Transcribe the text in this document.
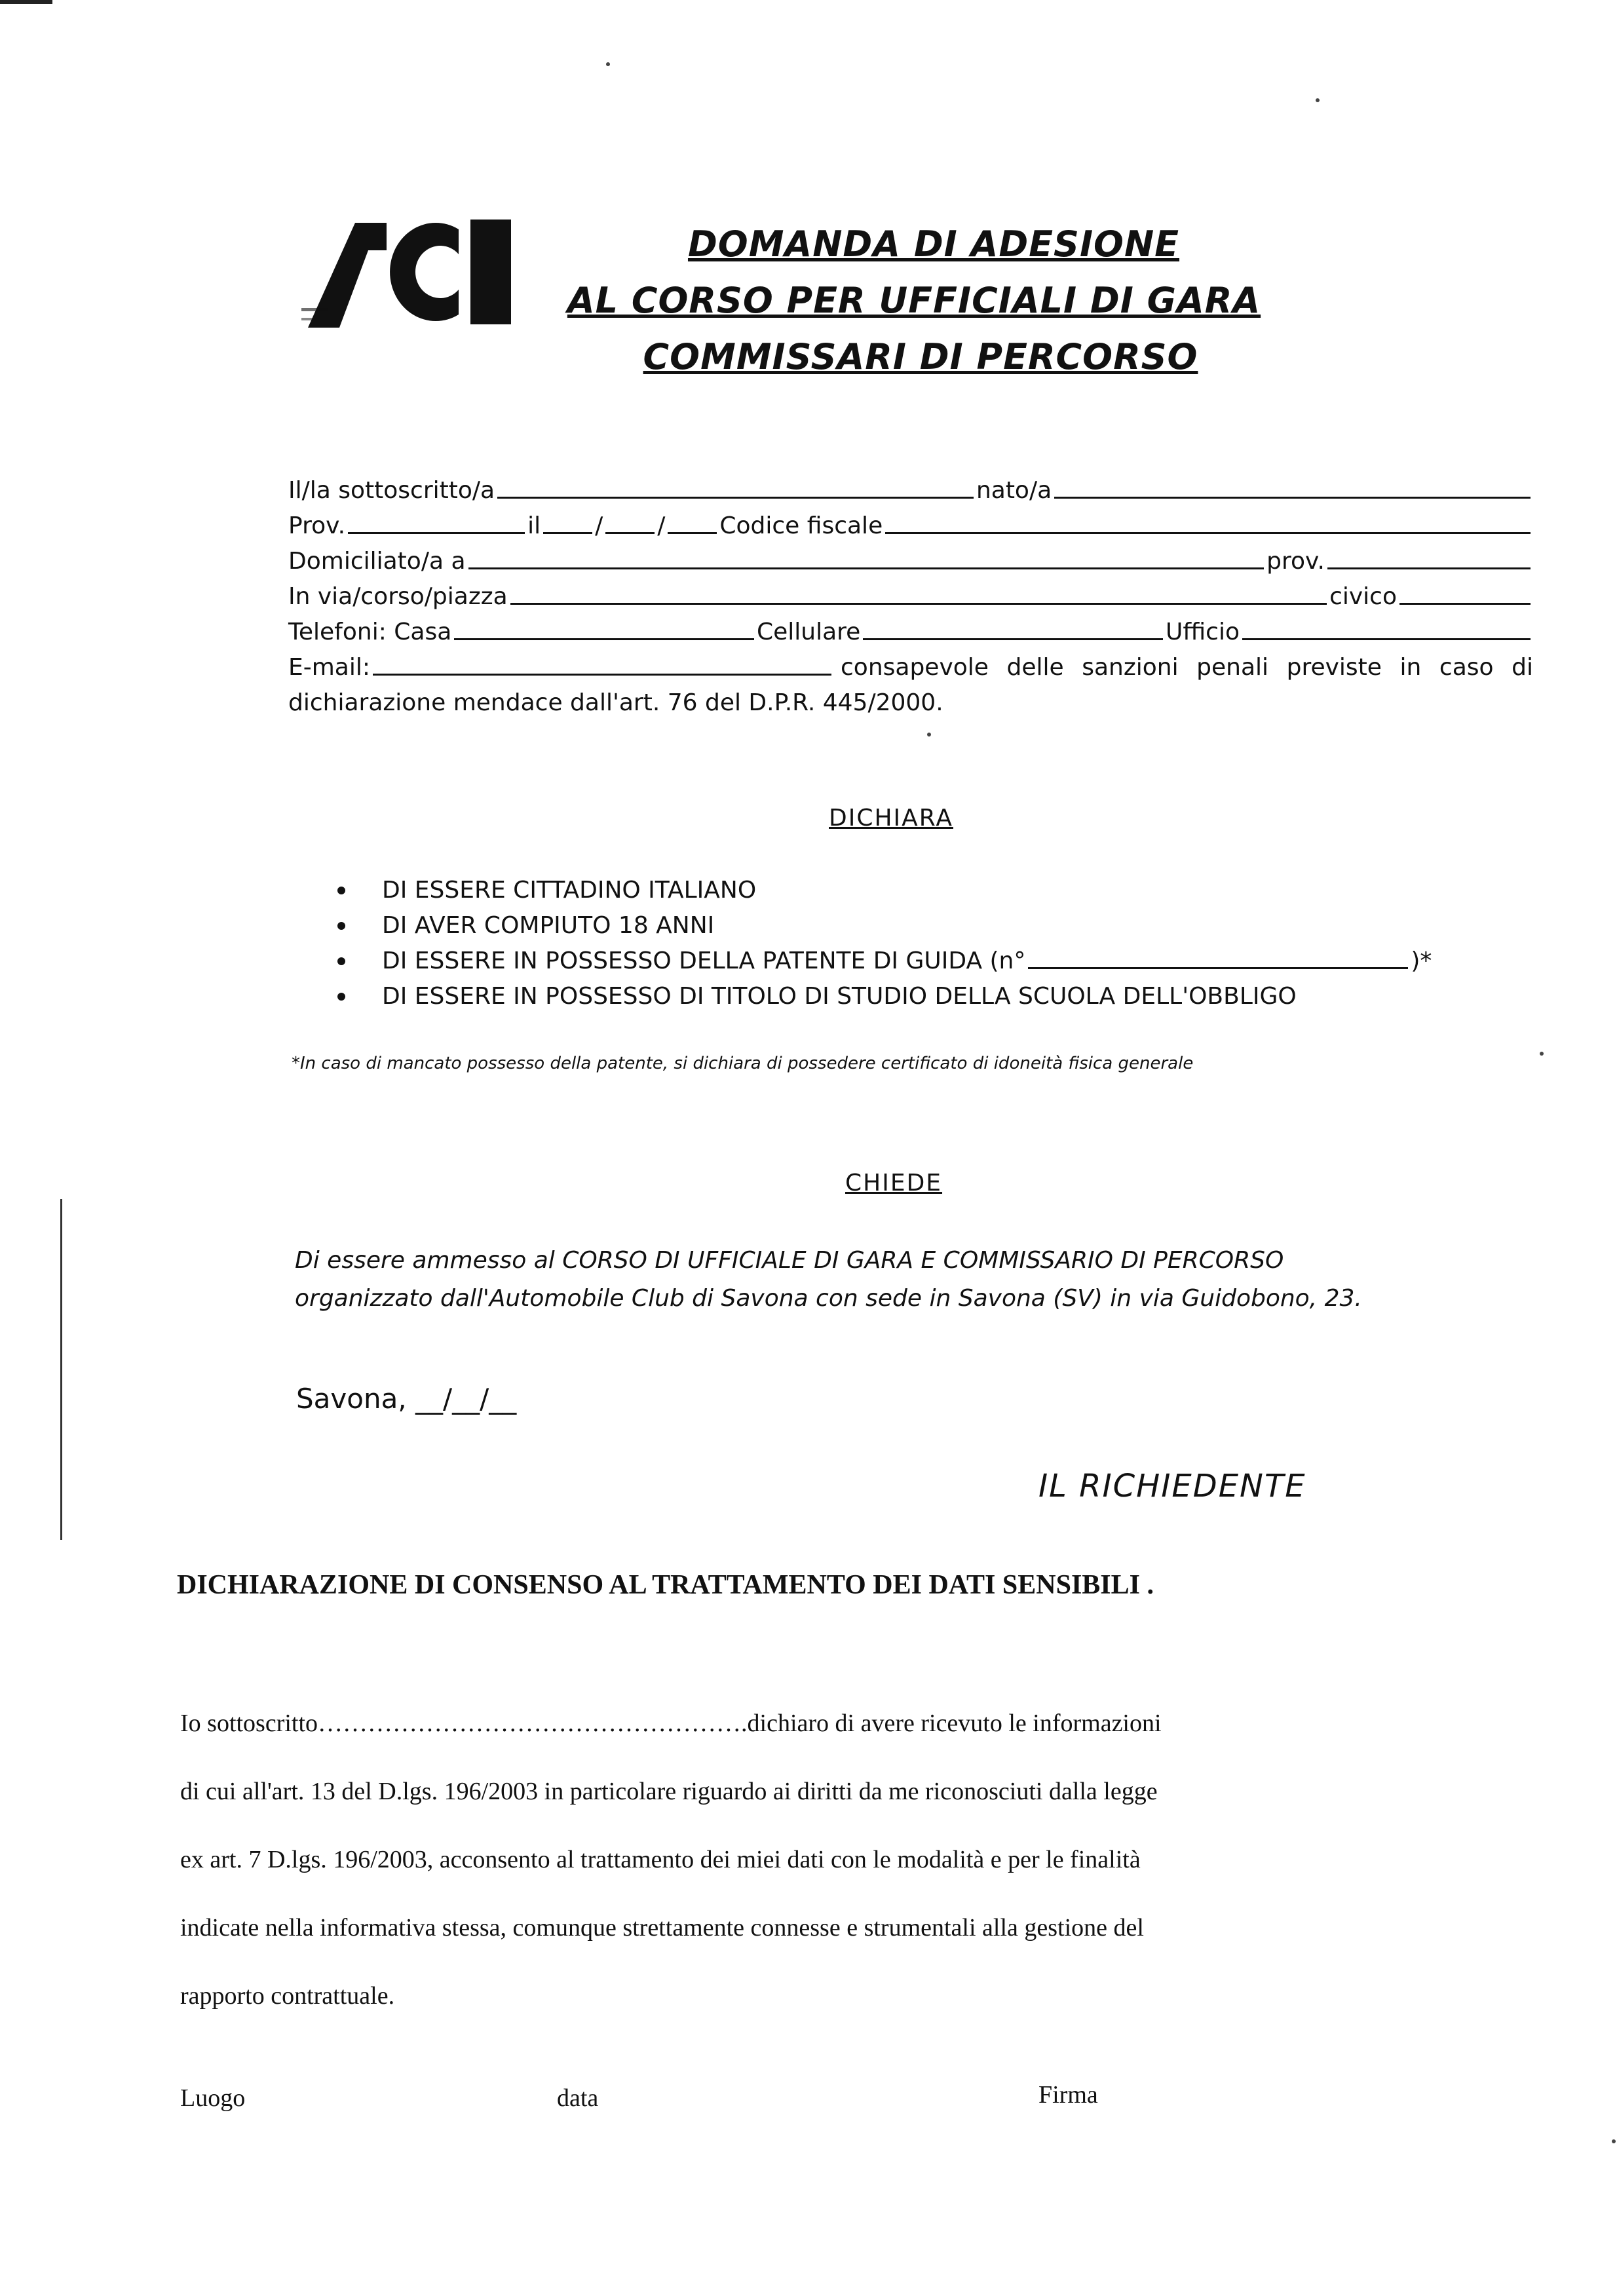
DOMANDA DI ADESIONE
AL CORSO PER UFFICIALI DI GARA
COMMISSARI DI PERCORSO
Il/la sottoscritto/a	nato/a
Prov.	il / / Codice fiscale
Domiciliato/a a	prov.
In via/corso/piazza	civico
Telefoni: Casa	Cellulare	Ufficio
E-mail:	consapevole delle sanzioni penali previste in caso di
dichiarazione mendace dall'art. 76 del D.P.R. 445/2000.
DICHIARA
DI ESSERE CITTADINO ITALIANO
DI AVER COMPIUTO 18 ANNI
DI ESSERE IN POSSESSO DELLA PATENTE DI GUIDA (n°	)*
DI ESSERE IN POSSESSO DI TITOLO DI STUDIO DELLA SCUOLA DELL'OBBLIGO
*In caso di mancato possesso della patente, si dichiara di possedere certificato di idoneità fisica generale
CHIEDE
Di essere ammesso al CORSO DI UFFICIALE DI GARA E COMMISSARIO DI PERCORSO
organizzato dall'Automobile Club di Savona con sede in Savona (SV) in via Guidobono, 23.
Savona, __/__/__
IL RICHIEDENTE
DICHIARAZIONE DI CONSENSO AL TRATTAMENTO DEI DATI SENSIBILI .

Io sottoscritto…………………………………………….dichiaro di avere ricevuto le informazioni

di cui all'art. 13 del D.lgs. 196/2003 in particolare riguardo ai diritti da me riconosciuti dalla legge

ex art. 7 D.lgs. 196/2003, acconsento al trattamento dei miei dati con le modalità e per le finalità

indicate nella informativa stessa, comunque strettamente connesse e strumentali alla gestione del

rapporto contrattuale.

Luogo	data	Firma
